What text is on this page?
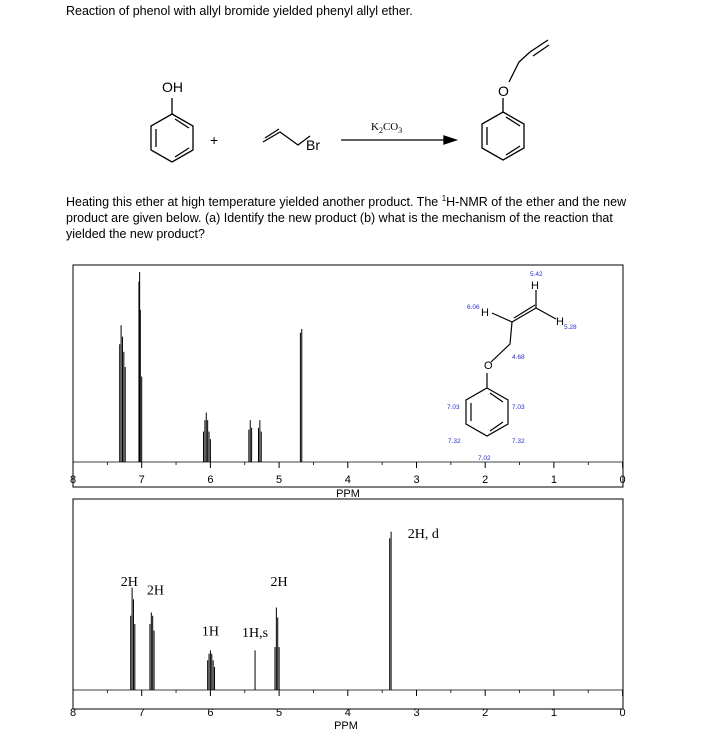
Reaction of phenol with allyl bromide yielded phenyl allyl ether.

Heating this ether at high temperature yielded another product. The $^1$H-NMR of the ether and the new product are given below. (a) Identify the new product (b) what is the mechanism of the reaction that yielded the new product?

OH
+	Br
$K_2CO_3$
O
8	7	6	5	4	3	2	1	0
PPM
O
H
H
H
5.42
6.06
5.28
4.68
7.03	7.03
7.32	7.32
7.02
8	7	6	5	4	3	2	1	0
2H
2H
1H 1H,s
2H
2H, d
PPM
